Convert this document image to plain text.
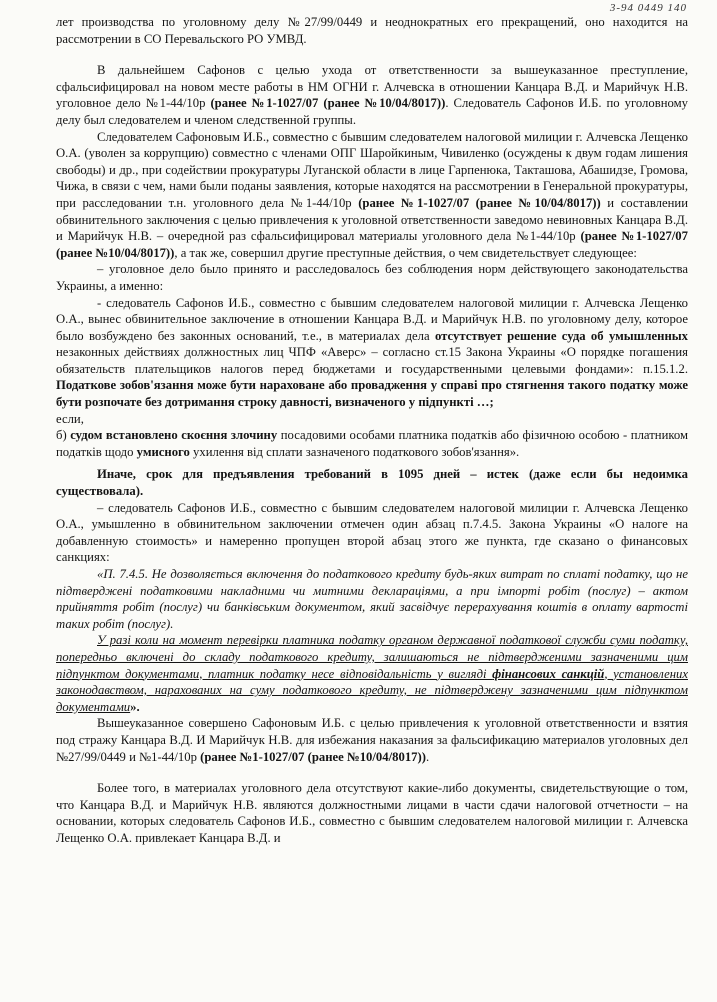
3-94 0449 140

лет производства по уголовному делу №27/99/0449 и неоднократных его прекращений, оно находится на рассмотрении в СО Перевальского РО УМВД.

В дальнейшем Сафонов с целью ухода от ответственности за вышеуказанное преступление, сфальсифицировал на новом месте работы в НМ ОГНИ г. Алчевска в отношении Канцара В.Д. и Марийчук Н.В. уголовное дело №1-44/10р (ранее №1-1027/07 (ранее №10/04/8017)). Следователь Сафонов И.Б. по уголовному делу был следователем и членом следственной группы.

Следователем Сафоновым И.Б., совместно с бывшим следователем налоговой милиции г. Алчевска Лещенко О.А. (уволен за коррупцию) совместно с членами ОПГ Шаройкиным, Чивиленко (осуждены к двум годам лишения свободы) и др., при содействии прокуратуры Луганской области в лице Гарпенюка, Такташова, Абашидзе, Громова, Чижа, в связи с чем, нами были поданы заявления, которые находятся на рассмотрении в Генеральной прокуратуры, при расследовании т.н. уголовного дела №1-44/10р (ранее №1-1027/07 (ранее №10/04/8017)) и составлении обвинительного заключения с целью привлечения к уголовной ответственности заведомо невиновных Канцара В.Д. и Марийчук Н.В. – очередной раз сфальсифицировал материалы уголовного дела №1-44/10р (ранее №1-1027/07 (ранее №10/04/8017)), а так же, совершил другие преступные действия, о чем свидетельствует следующее:

– уголовное дело было принято и расследовалось без соблюдения норм действующего законодательства Украины, а именно:

- следователь Сафонов И.Б., совместно с бывшим следователем налоговой милиции г. Алчевска Лещенко О.А., вынес обвинительное заключение в отношении Канцара В.Д. и Марийчук Н.В. по уголовному делу, которое было возбуждено без законных оснований, т.е., в материалах дела отсутствует решение суда об умышленных незаконных действиях должностных лиц ЧПФ «Аверс» – согласно ст.15 Закона Украины «О порядке погашения обязательств плательщиков налогов перед бюджетами и государственными целевыми фондами»: п.15.1.2. Податкове зобов'язання може бути нараховане або провадження у справі про стягнення такого податку може бути розпочате без дотримання строку давності, визначеного у підпункті …;

если,

б) судом встановлено скоєння злочину посадовими особами платника податків або фізичною особою - платником податків щодо умисного ухилення від сплати зазначеного податкового зобов'язання».

Иначе, срок для предъявления требований в 1095 дней – истек (даже если бы недоимка существовала).

– следователь Сафонов И.Б., совместно с бывшим следователем налоговой милиции г. Алчевска Лещенко О.А., умышленно в обвинительном заключении отмечен один абзац п.7.4.5. Закона Украины «О налоге на добавленную стоимость» и намеренно пропущен второй абзац этого же пункта, где сказано о финансовых санкциях:

«П. 7.4.5. Не дозволяється включення до податкового кредиту будь-яких витрат по сплаті податку, що не підтверджені податковими накладними чи митними деклараціями, а при імпорті робіт (послуг) – актом прийняття робіт (послуг) чи банківським документом, який засвідчує перерахування коштів в оплату вартості таких робіт (послуг).

У разі коли на момент перевірки платника податку органом державної податкової служби суми податку, попередньо включені до складу податкового кредиту, залишаються не підтвердженими зазначеними цим підпунктом документами, платник податку несе відповідальність у вигляді фінансових санкцій, установлених законодавством, нарахованих на суму податкового кредиту, не підтверджену зазначеними цим підпунктом документами».

Вышеуказанное совершено Сафоновым И.Б. с целью привлечения к уголовной ответственности и взятия под стражу Канцара В.Д. И Марийчук Н.В. для избежания наказания за фальсификацию материалов уголовных дел №27/99/0449 и №1-44/10р (ранее №1-1027/07 (ранее №10/04/8017)).

Более того, в материалах уголовного дела отсутствуют какие-либо документы, свидетельствующие о том, что Канцара В.Д. и Марийчук Н.В. являются должностными лицами в части сдачи налоговой отчетности – на основании, которых следователь Сафонов И.Б., совместно с бывшим следователем налоговой милиции г. Алчевска Лещенко О.А. привлекает Канцара В.Д. и
